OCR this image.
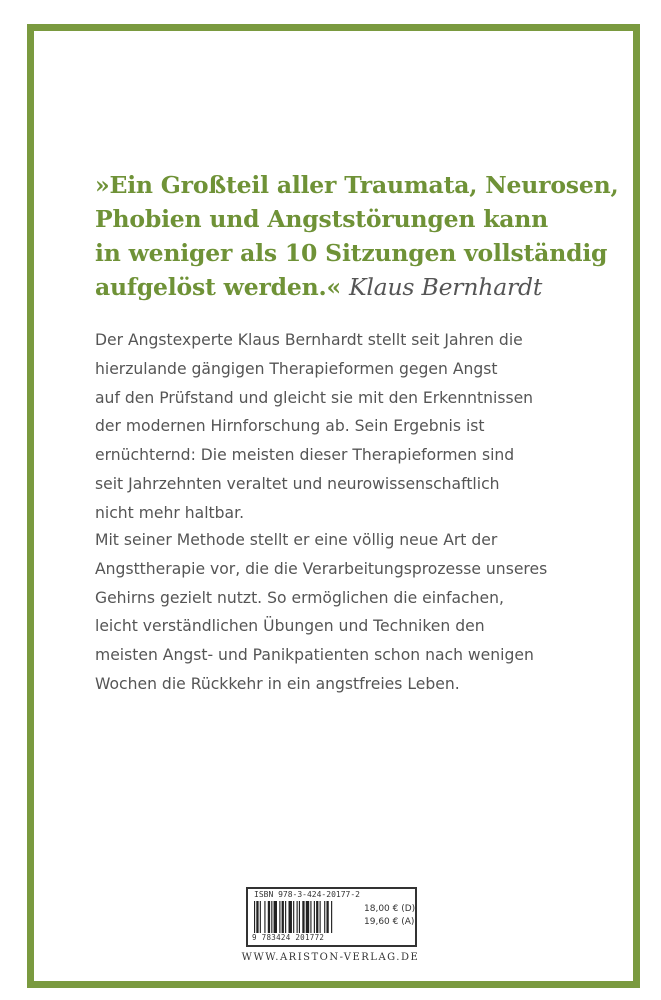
»Ein Großteil aller Traumata, Neurosen,
Phobien und Angststörungen kann
in weniger als 10 Sitzungen vollständig
aufgelöst werden.« Klaus Bernhardt
Der Angstexperte Klaus Bernhardt stellt seit Jahren die
hierzulande gängigen Therapieformen gegen Angst
auf den Prüfstand und gleicht sie mit den Erkenntnissen
der modernen Hirnforschung ab. Sein Ergebnis ist
ernüchternd: Die meisten dieser Therapieformen sind
seit Jahrzehnten veraltet und neurowissenschaftlich
nicht mehr haltbar.
Mit seiner Methode stellt er eine völlig neue Art der
Angsttherapie vor, die die Verarbeitungsprozesse unseres
Gehirns gezielt nutzt. So ermöglichen die einfachen,
leicht verständlichen Übungen und Techniken den
meisten Angst- und Panikpatienten schon nach wenigen
Wochen die Rückkehr in ein angstfreies Leben.
ISBN 978-3-424-20177-2
9 783424 201772
18,00 € (D)
19,60 € (A)
WWW.ARISTON-VERLAG.DE
